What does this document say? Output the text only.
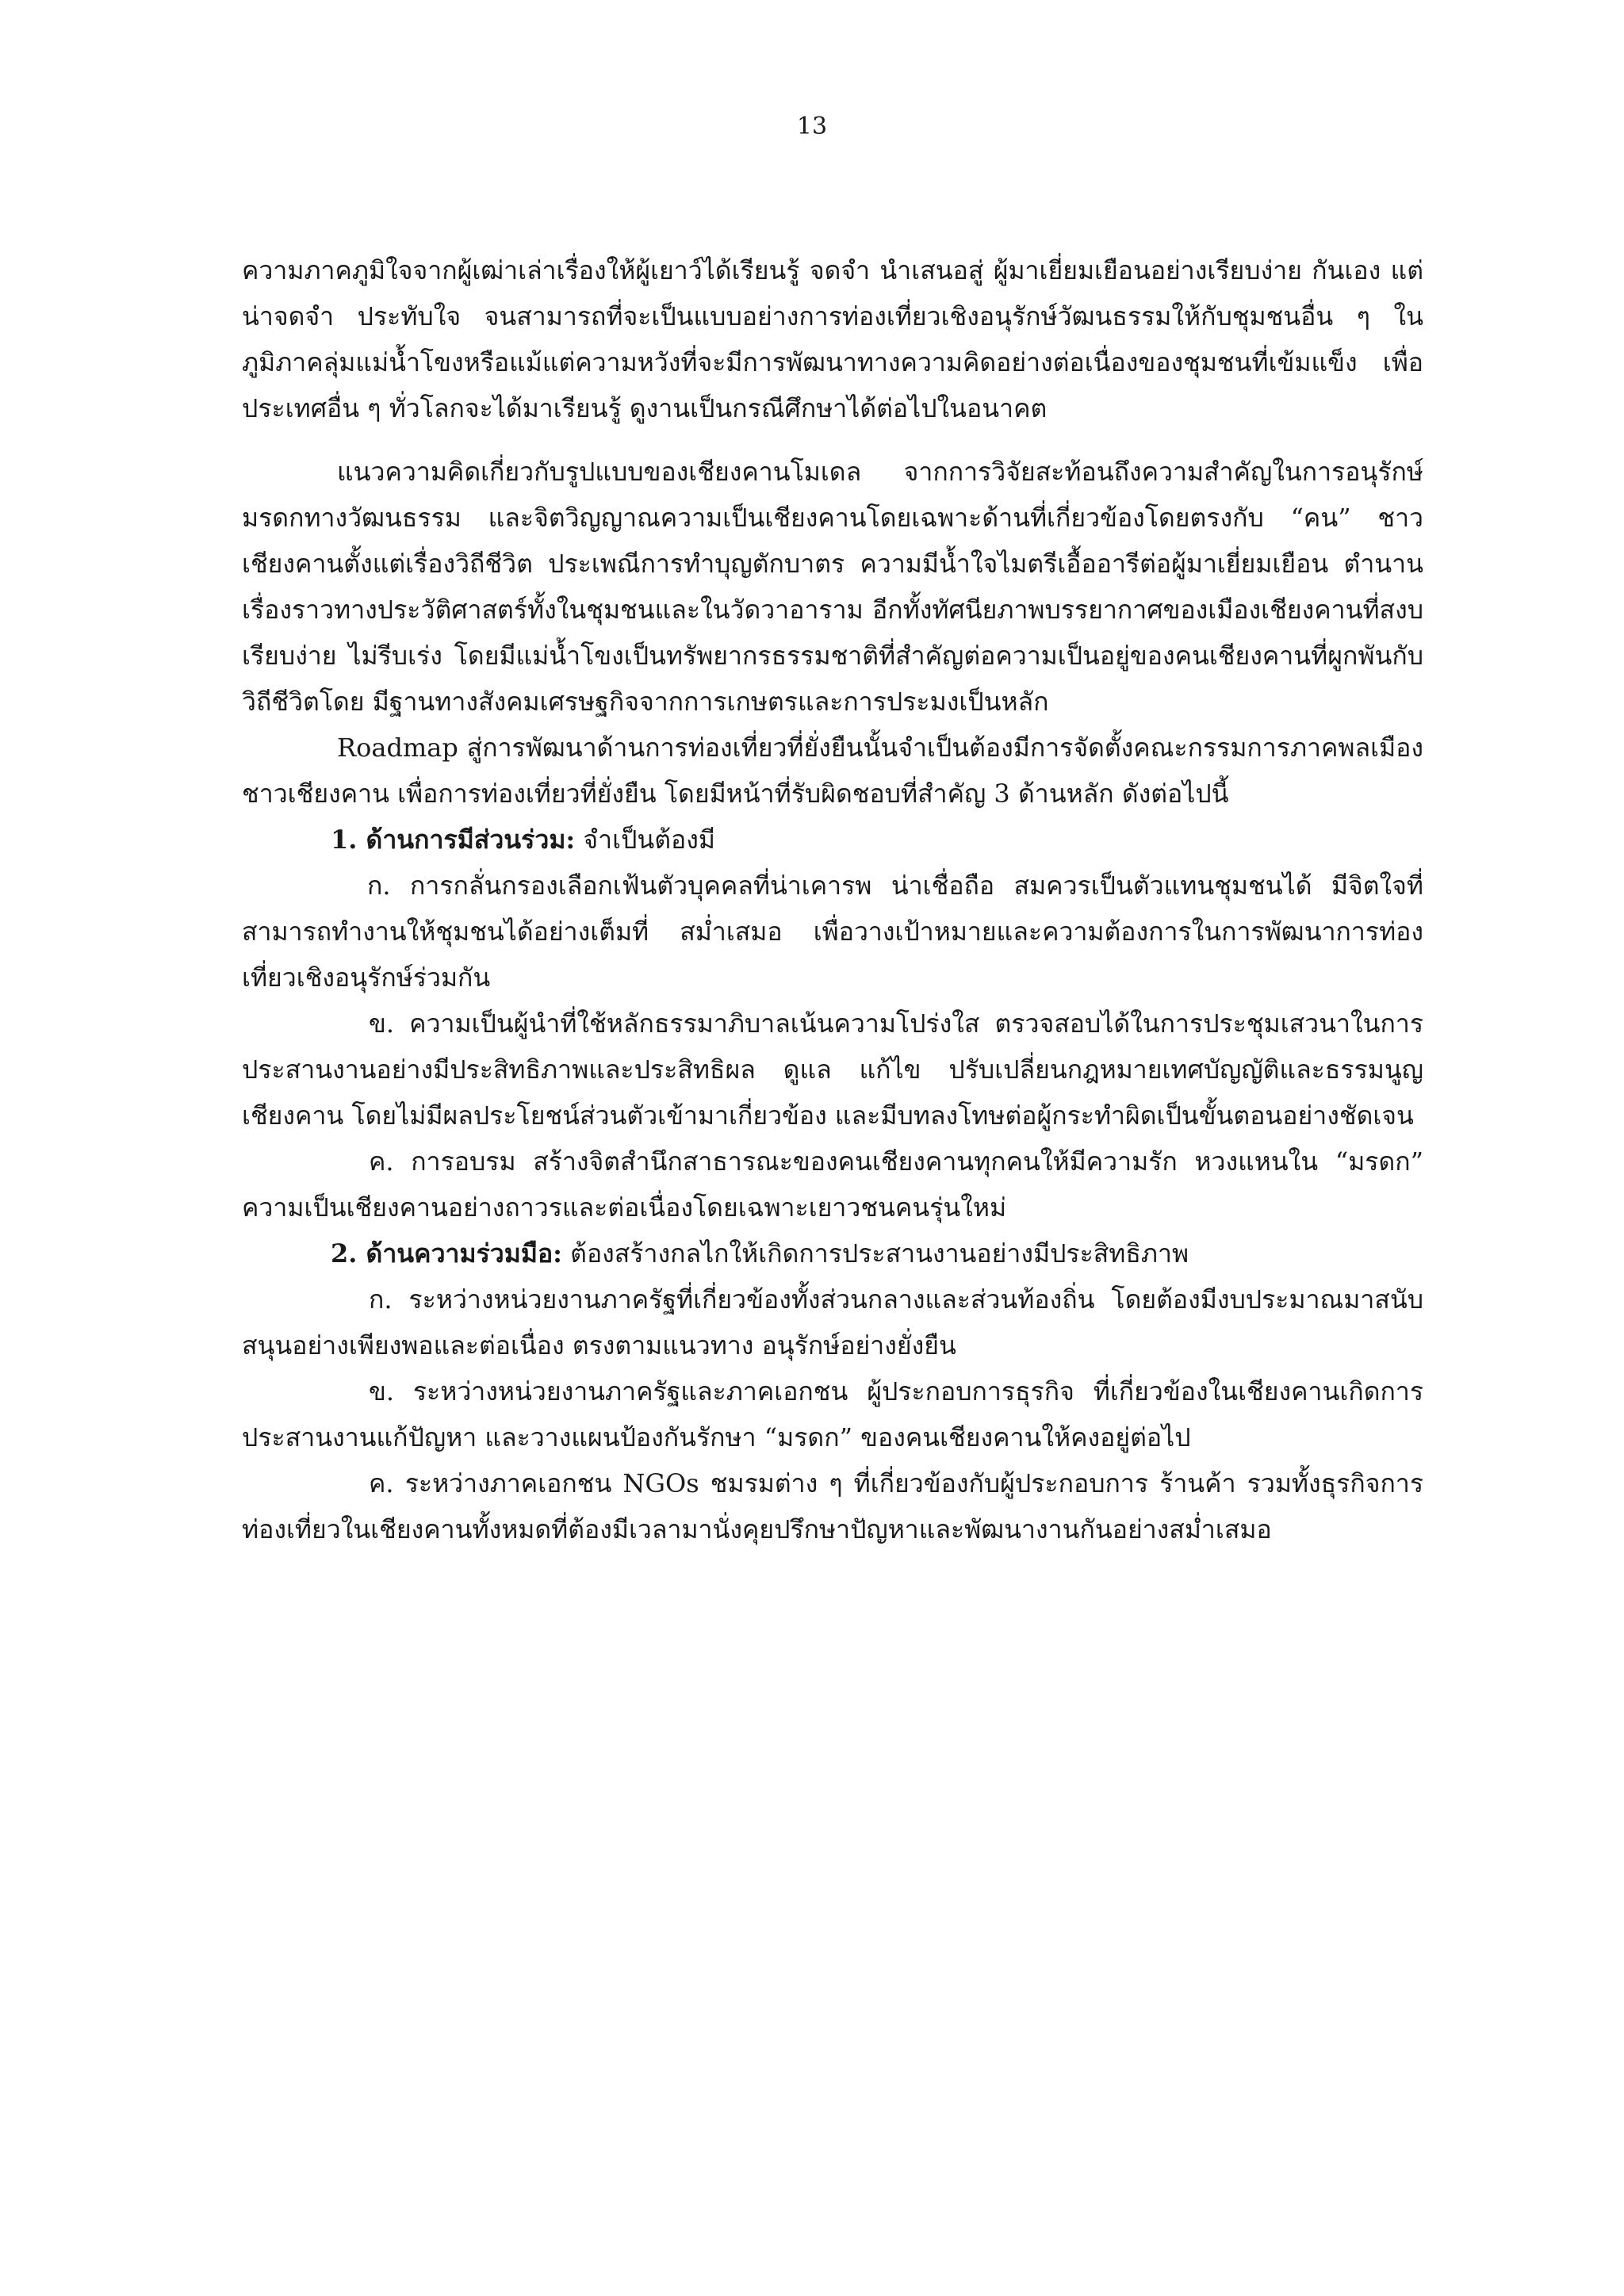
13

ความภาคภูมิใจจากผู้เฒ่าเล่าเรื่องให้ผู้เยาว์ได้เรียนรู้ จดจำ นำเสนอสู่ ผู้มาเยี่ยมเยือนอย่างเรียบง่าย กันเอง แต่น่าจดจำ ประทับใจ จนสามารถที่จะเป็นแบบอย่างการท่องเที่ยวเชิงอนุรักษ์วัฒนธรรมให้กับชุมชนอื่น ๆ ในภูมิภาคลุ่มแม่น้ำโขงหรือแม้แต่ความหวังที่จะมีการพัฒนาทางความคิดอย่างต่อเนื่องของชุมชนที่เข้มแข็ง เพื่อประเทศอื่น ๆ ทั่วโลกจะได้มาเรียนรู้ ดูงานเป็นกรณีศึกษาได้ต่อไปในอนาคต

แนวความคิดเกี่ยวกับรูปแบบของเชียงคานโมเดล จากการวิจัยสะท้อนถึงความสำคัญในการอนุรักษ์มรดกทางวัฒนธรรม และจิตวิญญาณความเป็นเชียงคานโดยเฉพาะด้านที่เกี่ยวข้องโดยตรงกับ “คน” ชาวเชียงคานตั้งแต่เรื่องวิถีชีวิต ประเพณีการทำบุญตักบาตร ความมีน้ำใจไมตรีเอื้ออารีต่อผู้มาเยี่ยมเยือน ตำนานเรื่องราวทางประวัติศาสตร์ทั้งในชุมชนและในวัดวาอาราม อีกทั้งทัศนียภาพบรรยากาศของเมืองเชียงคานที่สงบ เรียบง่าย ไม่รีบเร่ง โดยมีแม่น้ำโขงเป็นทรัพยากรธรรมชาติที่สำคัญต่อความเป็นอยู่ของคนเชียงคานที่ผูกพันกับวิถีชีวิตโดย มีฐานทางสังคมเศรษฐกิจจากการเกษตรและการประมงเป็นหลัก

Roadmap สู่การพัฒนาด้านการท่องเที่ยวที่ยั่งยืนนั้นจำเป็นต้องมีการจัดตั้งคณะกรรมการภาคพลเมืองชาวเชียงคาน เพื่อการท่องเที่ยวที่ยั่งยืน โดยมีหน้าที่รับผิดชอบที่สำคัญ 3 ด้านหลัก ดังต่อไปนี้

1. ด้านการมีส่วนร่วม: จำเป็นต้องมี

ก. การกลั่นกรองเลือกเฟ้นตัวบุคคลที่น่าเคารพ น่าเชื่อถือ สมควรเป็นตัวแทนชุมชนได้ มีจิตใจที่สามารถทำงานให้ชุมชนได้อย่างเต็มที่ สม่ำเสมอ เพื่อวางเป้าหมายและความต้องการในการพัฒนาการท่องเที่ยวเชิงอนุรักษ์ร่วมกัน

ข. ความเป็นผู้นำที่ใช้หลักธรรมาภิบาลเน้นความโปร่งใส ตรวจสอบได้ในการประชุมเสวนาในการประสานงานอย่างมีประสิทธิภาพและประสิทธิผล ดูแล แก้ไข ปรับเปลี่ยนกฎหมายเทศบัญญัติและธรรมนูญเชียงคาน โดยไม่มีผลประโยชน์ส่วนตัวเข้ามาเกี่ยวข้อง และมีบทลงโทษต่อผู้กระทำผิดเป็นขั้นตอนอย่างชัดเจน

ค. การอบรม สร้างจิตสำนึกสาธารณะของคนเชียงคานทุกคนให้มีความรัก หวงแหนใน “มรดก” ความเป็นเชียงคานอย่างถาวรและต่อเนื่องโดยเฉพาะเยาวชนคนรุ่นใหม่

2. ด้านความร่วมมือ: ต้องสร้างกลไกให้เกิดการประสานงานอย่างมีประสิทธิภาพ

ก. ระหว่างหน่วยงานภาครัฐที่เกี่ยวข้องทั้งส่วนกลางและส่วนท้องถิ่น โดยต้องมีงบประมาณมาสนับสนุนอย่างเพียงพอและต่อเนื่อง ตรงตามแนวทาง อนุรักษ์อย่างยั่งยืน

ข. ระหว่างหน่วยงานภาครัฐและภาคเอกชน ผู้ประกอบการธุรกิจ ที่เกี่ยวข้องในเชียงคานเกิดการประสานงานแก้ปัญหา และวางแผนป้องกันรักษา “มรดก” ของคนเชียงคานให้คงอยู่ต่อไป

ค. ระหว่างภาคเอกชน NGOs ชมรมต่าง ๆ ที่เกี่ยวข้องกับผู้ประกอบการ ร้านค้า รวมทั้งธุรกิจการท่องเที่ยวในเชียงคานทั้งหมดที่ต้องมีเวลามานั่งคุยปรึกษาปัญหาและพัฒนางานกันอย่างสม่ำเสมอ
